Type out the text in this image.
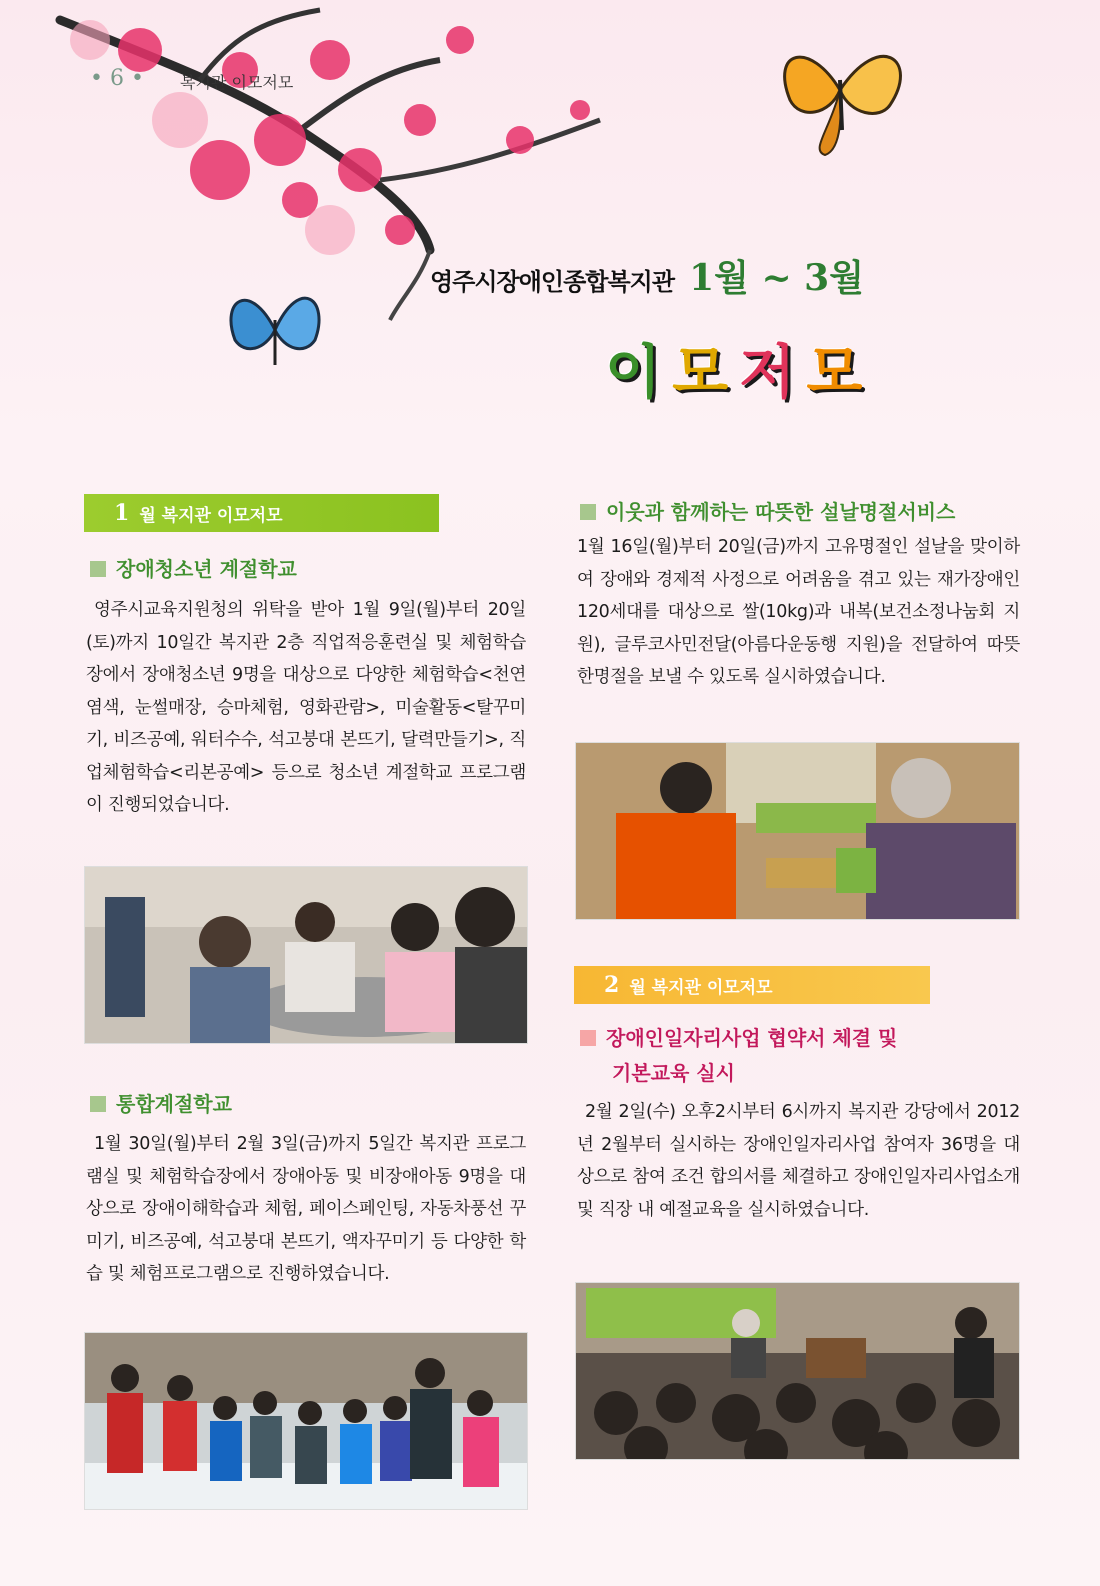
• 6 • 복지관 이모저모
영주시장애인종합복지관 1월 ~ 3월
이 모 저 모
1 월 복지관 이모저모
장애청소년 계절학교
영주시교육지원청의 위탁을 받아 1월 9일(월)부터 20일(토)까지 10일간 복지관 2층 직업적응훈련실 및 체험학습장에서 장애청소년 9명을 대상으로 다양한 체험학습<천연염색, 눈썰매장, 승마체험, 영화관람>, 미술활동<탈꾸미기, 비즈공예, 워터수수, 석고붕대 본뜨기, 달력만들기>, 직업체험학습<리본공예> 등으로 청소년 계절학교 프로그램이 진행되었습니다.
통합계절학교
1월 30일(월)부터 2월 3일(금)까지 5일간 복지관 프로그램실 및 체험학습장에서 장애아동 및 비장애아동 9명을 대상으로 장애이해학습과 체험, 페이스페인팅, 자동차풍선 꾸미기, 비즈공예, 석고붕대 본뜨기, 액자꾸미기 등 다양한 학습 및 체험프로그램으로 진행하였습니다.
이웃과 함께하는 따뜻한 설날명절서비스
1월 16일(월)부터 20일(금)까지 고유명절인 설날을 맞이하여 장애와 경제적 사정으로 어려움을 겪고 있는 재가장애인 120세대를 대상으로 쌀(10kg)과 내복(보건소정나눔회 지원), 글루코사민전달(아름다운동행 지원)을 전달하여 따뜻한명절을 보낼 수 있도록 실시하였습니다.
2 월 복지관 이모저모
장애인일자리사업 협약서 체결 및
기본교육 실시
2월 2일(수) 오후2시부터 6시까지 복지관 강당에서 2012년 2월부터 실시하는 장애인일자리사업 참여자 36명을 대상으로 참여 조건 합의서를 체결하고 장애인일자리사업소개 및 직장 내 예절교육을 실시하였습니다.
